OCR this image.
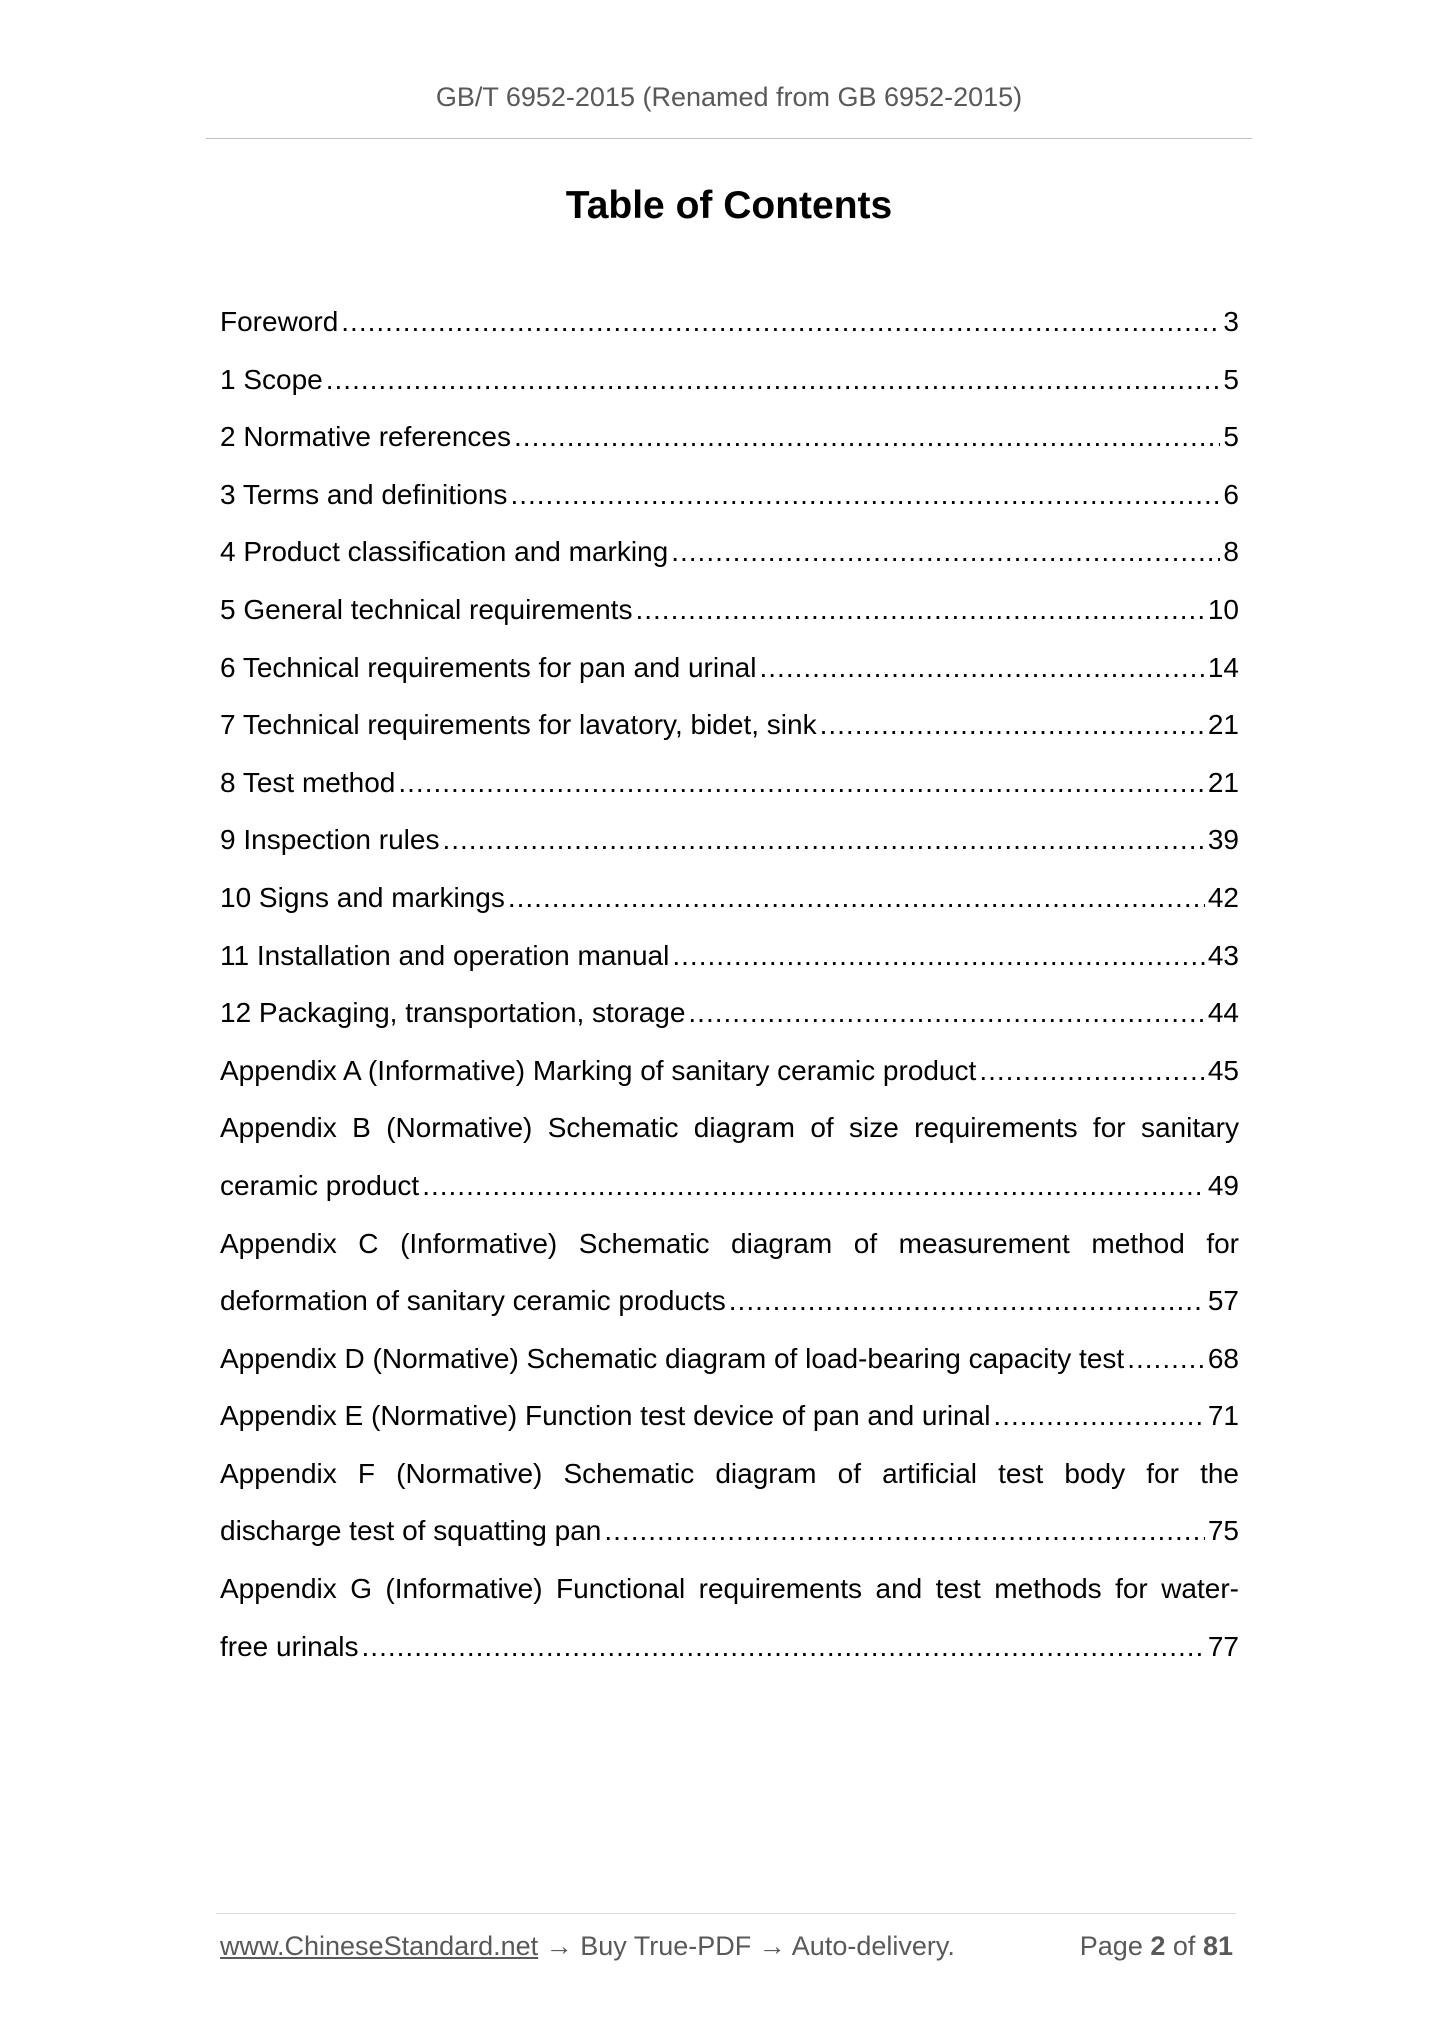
GB/T 6952-2015 (Renamed from GB 6952-2015)
Table of Contents
Foreword .....	3
1 Scope .....	5
2 Normative references .....	5
3 Terms and definitions .....	6
4 Product classification and marking .....	8
5 General technical requirements .....	10
6 Technical requirements for pan and urinal .....	14
7 Technical requirements for lavatory, bidet, sink .....	21
8 Test method .....	21
9 Inspection rules .....	39
10 Signs and markings .....	42
11 Installation and operation manual .....	43
12 Packaging, transportation, storage .....	44
Appendix A (Informative) Marking of sanitary ceramic product .....	45
Appendix B (Normative) Schematic diagram of size requirements for sanitary
ceramic product .....	49
Appendix C (Informative) Schematic diagram of measurement method for
deformation of sanitary ceramic products .....	57
Appendix D (Normative) Schematic diagram of load-bearing capacity test .....	68
Appendix E (Normative) Function test device of pan and urinal .....	71
Appendix F (Normative) Schematic diagram of artificial test body for the
discharge test of squatting pan .....	75
Appendix G (Informative) Functional requirements and test methods for water-
free urinals .....	77
www.ChineseStandard.net → Buy True-PDF → Auto-delivery.	Page 2 of 81
